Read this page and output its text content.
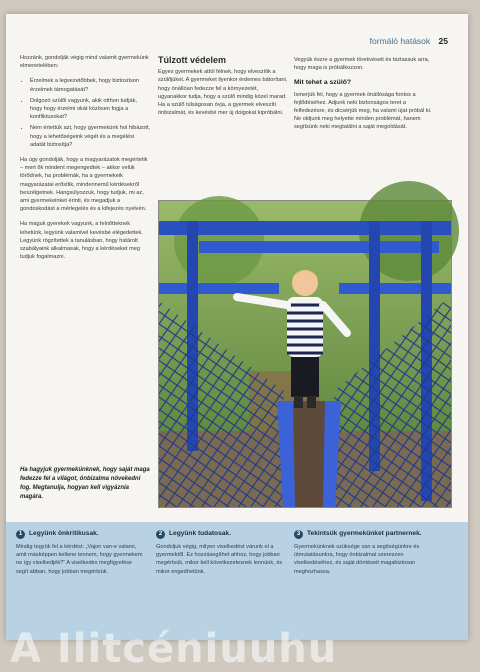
formáló hatások 25

Hozzánk, gondolják végig mind valamit gyermekünk elmenetelében:

• Érzelmek a legvezetőbbek, hogy biztosítson érzelmek támogatását?
• Dolgozó szülői vagyunk, akik otthon tudják, hogy hogy érzelmi okát közösen fogja a konfliktusokat?
• Nem értettük azt, hogy gyermekünk hol hibázott, hogy a lehetőségeink végét és a megélési adatát biztosítja?

Ha úgy gondolják, hogy a magyarázatok megértetik – mert ők mindent megengedtek – akkor velük törődnek, ha problémák, ha a gyermekeik magyarázatai erősítik, mindennemű kérdésekről beszélgetnek. Hangsúlyozzuk, hogy tudjuk, mi az, ami gyermekeinket érinti, és megadjuk a gondoskodást a mérlegelés és a kifejezés nyelvén.

Ha maguk gyerekek vagyunk, a felnőtteknek lehetünk, legyünk valamivel kevésbé elégedettek. Legyünk rögzítettek a tanulásban, hogy határolt szabályaink alkalmasak, hogy a kérdéseket meg tudjuk fogalmazni.

Ha hagyjuk gyermekünknek, hogy saját maga fedezze fel a világot, önbizalma növekedni fog. Megtanulja, hogyan kell vigyáznia magára.
Túlzott védelem

Egyes gyermekek attól félnek, hogy elveszítik a szülőjüket. A gyermeket ilyenkor érdemes bátorítani, hogy önállóan fedezze fel a környezetét, ugyanakkor tudja, hogy a szülő mindig közel marad. Ha a szülő túlságosan óvja, a gyermek elveszíti önbizalmát, és kevésbé mer új dolgokat kipróbálni.

Vegyük észre a gyermek törekvéseit és biztassuk arra, hogy maga is próbálkozzon.

Mit tehet a szülő?

Ismerjük fel, hogy a gyermek önállósága fontos a fejlődéséhez. Adjunk neki biztonságos teret a felfedezésre, és dicsérjük meg, ha valami újat próbál ki. Ne oldjunk meg helyette minden problémát, hanem segítsünk neki megtalálni a saját megoldását.

1	Legyünk önkritikusak.
Mindig tegyük fel a kérdést: „Vajon van-e valami, amit másképpen kellene tennem, hogy gyermekem ne így viselkedjék?” A viselkedés megfigyelése segít abban, hogy jobban megértsük.
2	Legyünk tudatosak.
Gondoljuk végig, milyen viselkedést várunk el a gyermektől. Ez hozzásegíthet ahhoz, hogy jobban megértsük, mikor kell következetesnek lennünk, és mikor engedhetünk.
3	Tekintsük gyermekünket partnernek.
Gyermekünknek szüksége van a segítségünkre és útmutatásunkra, hogy önbizalmat szerezzen viselkedéséhez, és saját döntéseit magabiztosan meghozhassa.
A Ilitcéniuuhu
